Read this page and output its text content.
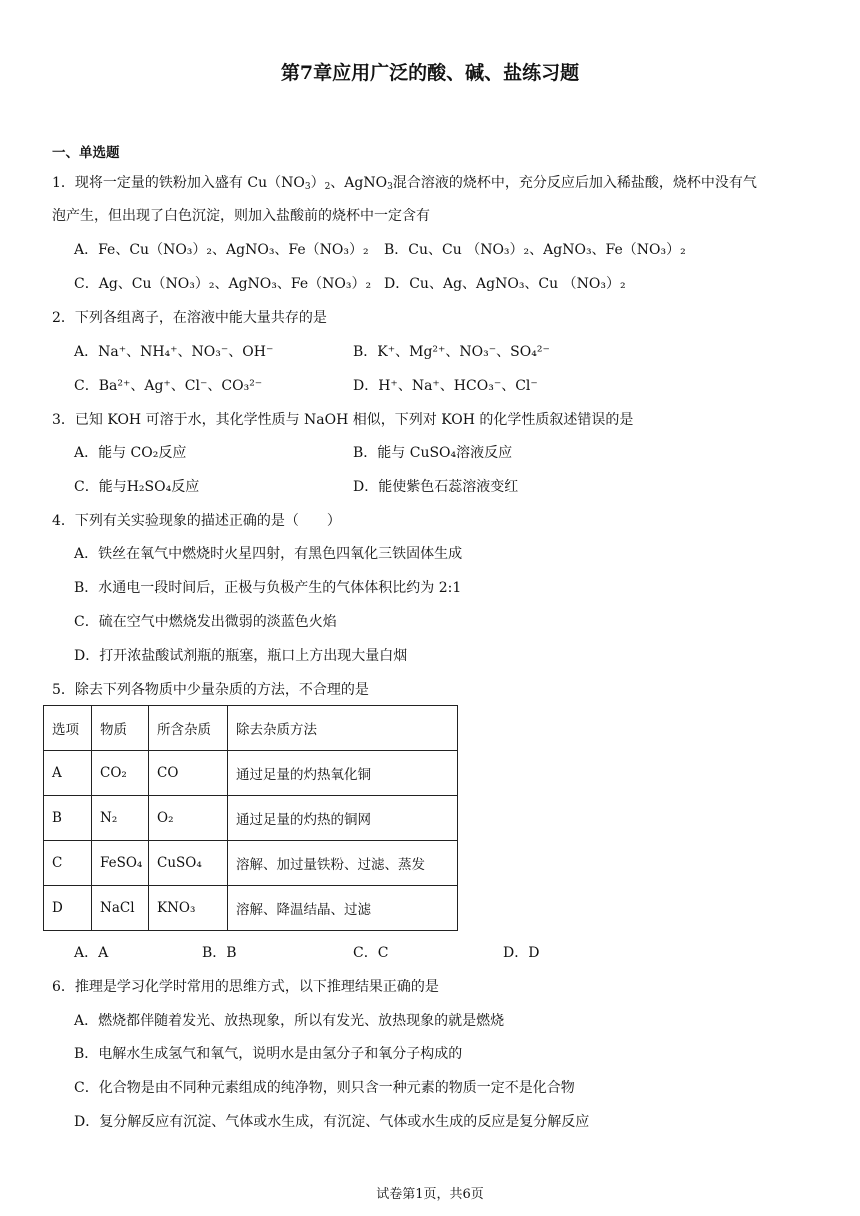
第7章应用广泛的酸、碱、盐练习题
一、单选题
1．现将一定量的铁粉加入盛有 $Cu(NO_3)_2$、AgNO$_3$混合溶液的烧杯中，充分反应后加入稀盐酸，烧杯中没有气
泡产生，但出现了白色沉淀，则加入盐酸前的烧杯中一定含有
A．Fe、Cu（NO₃）₂、AgNO₃、Fe（NO₃）₂ B．Cu、Cu （NO₃）₂、AgNO₃、Fe（NO₃）₂
C．Ag、Cu（NO₃）₂、AgNO₃、Fe（NO₃）₂ D．Cu、Ag、AgNO₃、Cu （NO₃）₂
2．下列各组离子，在溶液中能大量共存的是
A．Na⁺、NH₄⁺、NO₃⁻、OH⁻	B．K⁺、Mg²⁺、NO₃⁻、SO₄²⁻
C．Ba²⁺、Ag⁺、Cl⁻、CO₃²⁻	D．H⁺、Na⁺、HCO₃⁻、Cl⁻
3．已知 KOH 可溶于水，其化学性质与 NaOH 相似，下列对 KOH 的化学性质叙述错误的是
A．能与 CO₂反应	B．能与 CuSO₄溶液反应
C．能与H₂SO₄反应	D．能使紫色石蕊溶液变红
4．下列有关实验现象的描述正确的是（　　）
A．铁丝在氧气中燃烧时火星四射，有黑色四氧化三铁固体生成
B．水通电一段时间后，正极与负极产生的气体体积比约为 2:1
C．硫在空气中燃烧发出微弱的淡蓝色火焰
D．打开浓盐酸试剂瓶的瓶塞，瓶口上方出现大量白烟
5．除去下列各物质中少量杂质的方法，不合理的是
选项	物质	所含杂质	除去杂质方法
A	CO₂	CO	通过足量的灼热氧化铜
B	N₂	O₂	通过足量的灼热的铜网
C	FeSO₄	CuSO₄	溶解、加过量铁粉、过滤、蒸发
D	NaCl	KNO₃	溶解、降温结晶、过滤
A．A	B．B	C．C	D．D
6．推理是学习化学时常用的思维方式，以下推理结果正确的是
A．燃烧都伴随着发光、放热现象，所以有发光、放热现象的就是燃烧
B．电解水生成氢气和氧气，说明水是由氢分子和氧分子构成的
C．化合物是由不同种元素组成的纯净物，则只含一种元素的物质一定不是化合物
D．复分解反应有沉淀、气体或水生成，有沉淀、气体或水生成的反应是复分解反应
试卷第1页，共6页
